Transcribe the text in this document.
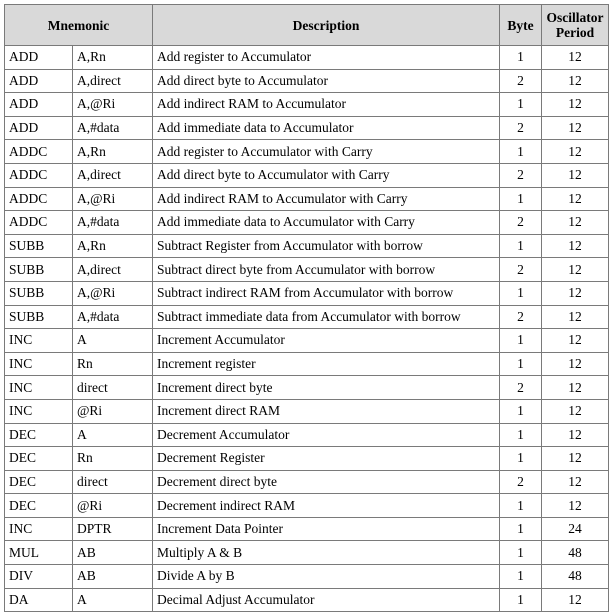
Mnemonic		Description	Byte	Oscillator Period
ADD	A,Rn	Add register to Accumulator	1	12
ADD	A,direct	Add direct byte to Accumulator	2	12
ADD	A,@Ri	Add indirect RAM to Accumulator	1	12
ADD	A,#data	Add immediate data to Accumulator	2	12
ADDC	A,Rn	Add register to Accumulator with Carry	1	12
ADDC	A,direct	Add direct byte to Accumulator with Carry	2	12
ADDC	A,@Ri	Add indirect RAM to Accumulator with Carry	1	12
ADDC	A,#data	Add immediate data to Accumulator with Carry	2	12
SUBB	A,Rn	Subtract Register from Accumulator with borrow	1	12
SUBB	A,direct	Subtract direct byte from Accumulator with borrow	2	12
SUBB	A,@Ri	Subtract indirect RAM from Accumulator with borrow	1	12
SUBB	A,#data	Subtract immediate data from Accumulator with borrow	2	12
INC	A	Increment Accumulator	1	12
INC	Rn	Increment register	1	12
INC	direct	Increment direct byte	2	12
INC	@Ri	Increment direct RAM	1	12
DEC	A	Decrement Accumulator	1	12
DEC	Rn	Decrement Register	1	12
DEC	direct	Decrement direct byte	2	12
DEC	@Ri	Decrement indirect RAM	1	12
INC	DPTR	Increment Data Pointer	1	24
MUL	AB	Multiply A & B	1	48
DIV	AB	Divide A by B	1	48
DA	A	Decimal Adjust Accumulator	1	12
